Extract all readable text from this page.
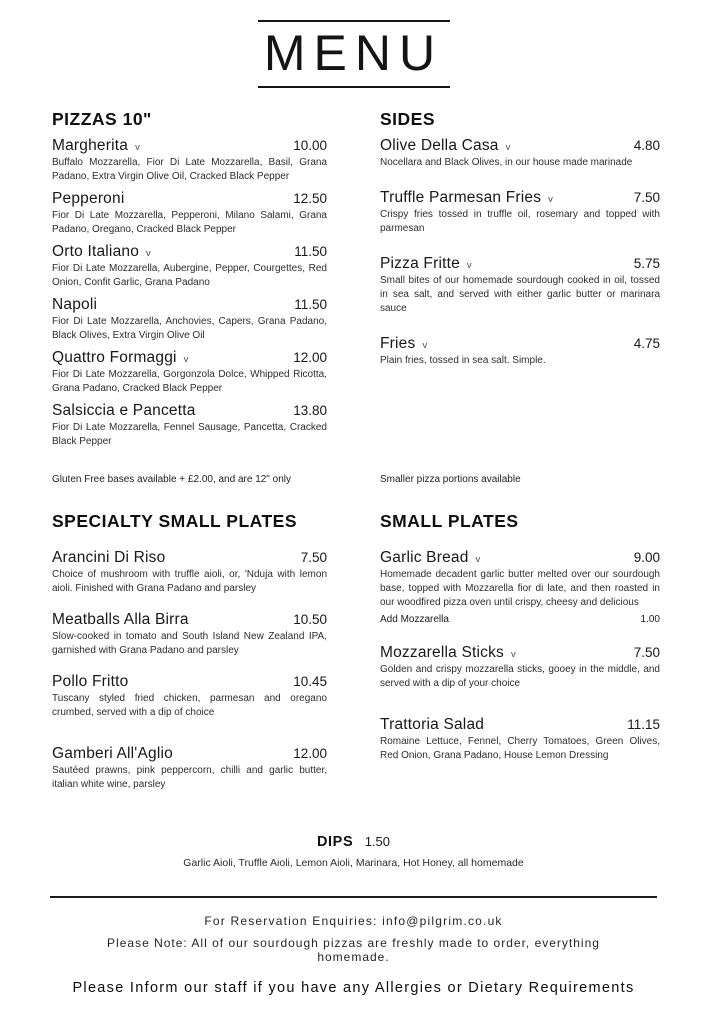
MENU
PIZZAS 10"
Margherita v	10.00

Buffalo Mozzarella, Fior Di Late Mozzarella, Basil, Grana Padano, Extra Virgin Olive Oil, Cracked Black Pepper

Pepperoni	12.50

Fior Di Late Mozzarella, Pepperoni, Milano Salami, Grana Padano, Oregano, Cracked Black Pepper

Orto Italiano v	11.50

Fior Di Late Mozzarella, Aubergine, Pepper, Courgettes, Red Onion, Confit Garlic, Grana Padano

Napoli	11.50

Fior Di Late Mozzarella, Anchovies, Capers, Grana Padano, Black Olives, Extra Virgin Olive Oil

Quattro Formaggi v	12.00

Fior Di Late Mozzarella, Gorgonzola Dolce, Whipped Ricotta, Grana Padano, Cracked Black Pepper

Salsiccia e Pancetta	13.80

Fior Di Late Mozzarella, Fennel Sausage, Pancetta, Cracked Black Pepper

SIDES
Olive Della Casa v	4.80

Nocellara and Black Olives, in our house made marinade

Truffle Parmesan Fries v	7.50

Crispy fries tossed in truffle oil, rosemary and topped with parmesan

Pizza Fritte v	5.75

Small bites of our homemade sourdough cooked in oil, tossed in sea salt, and served with either garlic butter or marinara sauce

Fries v	4.75

Plain fries, tossed in sea salt. Simple.

Gluten Free bases available + £2.00, and are 12" only	Smaller pizza portions available
SPECIALTY SMALL PLATES
Arancini Di Riso	7.50

Choice of mushroom with truffle aioli, or, 'Nduja with lemon aioli. Finished with Grana Padano and parsley

Meatballs Alla Birra	10.50

Slow-cooked in tomato and South Island New Zealand IPA, garnished with Grana Padano and parsley

Pollo Fritto	10.45

Tuscany styled fried chicken, parmesan and oregano crumbed, served with a dip of choice

Gamberi All'Aglio	12.00

Sautéed prawns, pink peppercorn, chilli and garlic butter, italian white wine, parsley

SMALL PLATES
Garlic Bread v	9.00

Homemade decadent garlic butter melted over our sourdough base, topped with Mozzarella fior di late, and then roasted in our woodfired pizza oven until crispy, cheesy and delicious

Add Mozzarella	1.00
Mozzarella Sticks v	7.50

Golden and crispy mozzarella sticks, gooey in the middle, and served with a dip of your choice

Trattoria Salad	11.15

Romaine Lettuce, Fennel, Cherry Tomatoes, Green Olives, Red Onion, Grana Padano, House Lemon Dressing

DIPS 1.50

Garlic Aioli, Truffle Aioli, Lemon Aioli, Marinara, Hot Honey, all homemade

For Reservation Enquiries: info@pilgrim.co.uk

Please Note: All of our sourdough pizzas are freshly made to order, everything homemade.

Please Inform our staff if you have any Allergies or Dietary Requirements
